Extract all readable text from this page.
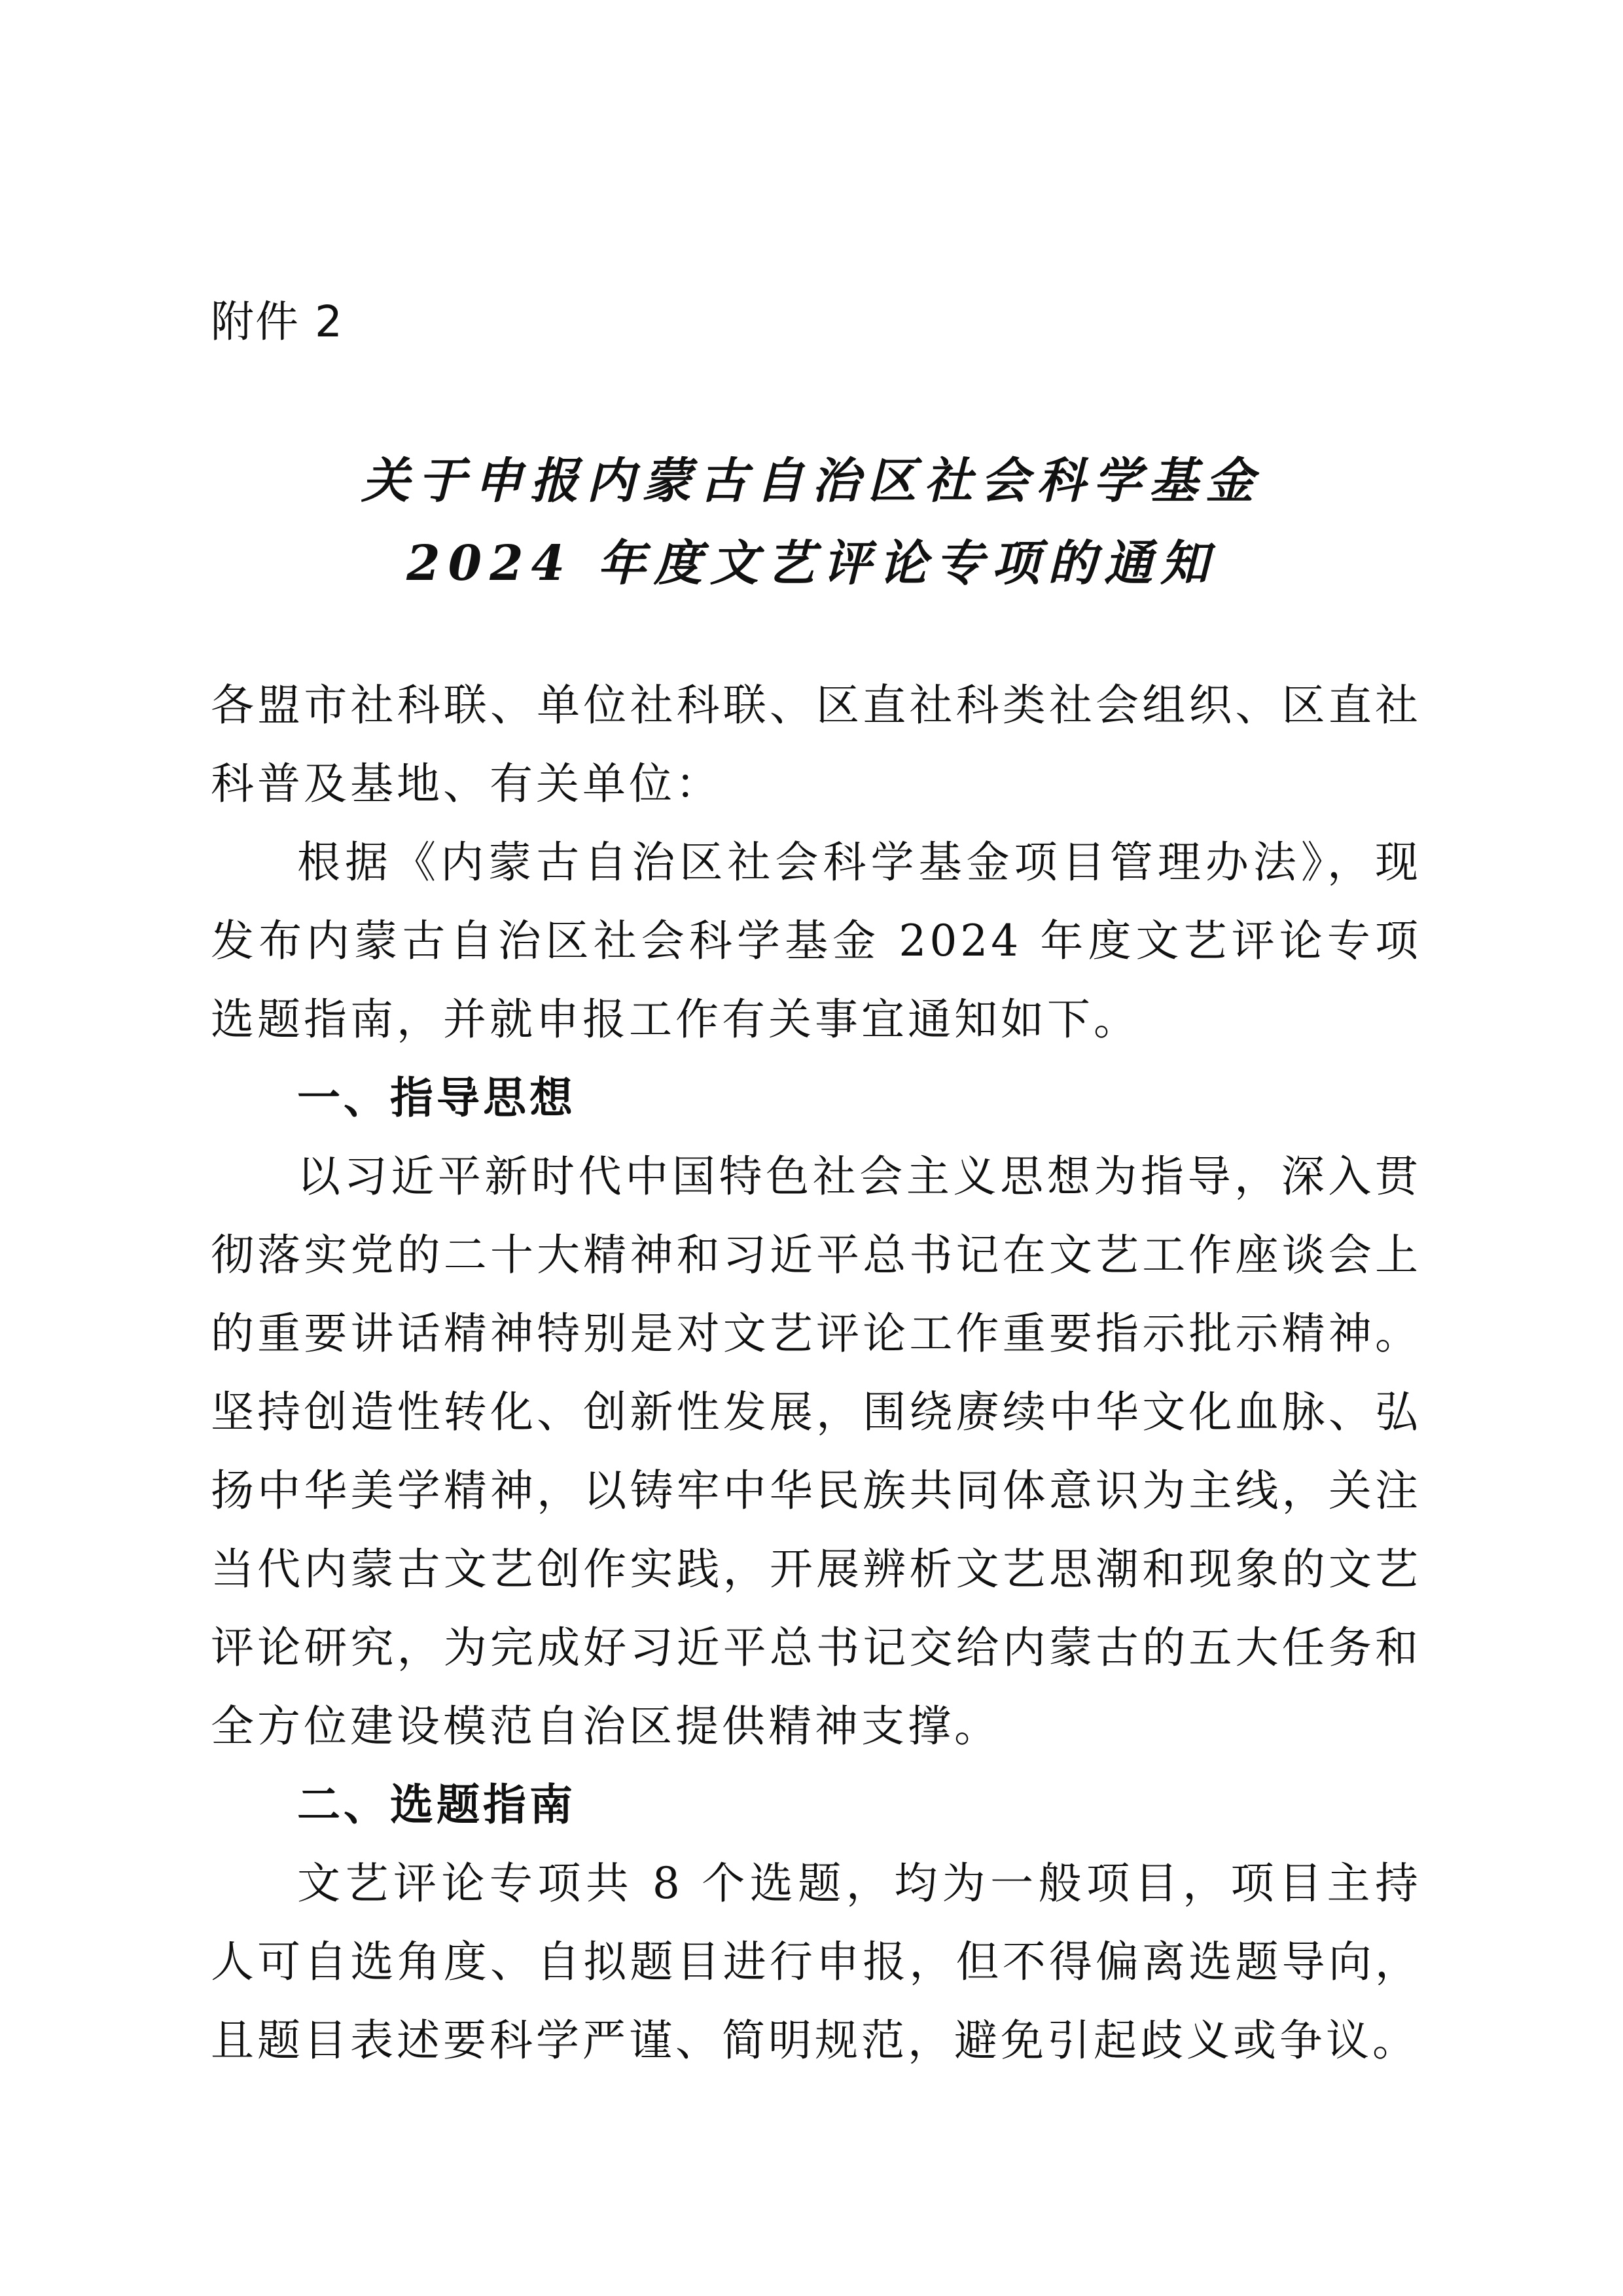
附件 2
关于申报内蒙古自治区社会科学基金
2024 年度文艺评论专项的通知

各盟市社科联、单位社科联、区直社科类社会组织、区直社科普及基地、有关单位：

根据《内蒙古自治区社会科学基金项目管理办法》，现发布内蒙古自治区社会科学基金 2024 年度文艺评论专项选题指南，并就申报工作有关事宜通知如下。

一、指导思想

以习近平新时代中国特色社会主义思想为指导，深入贯彻落实党的二十大精神和习近平总书记在文艺工作座谈会上的重要讲话精神特别是对文艺评论工作重要指示批示精神。坚持创造性转化、创新性发展，围绕赓续中华文化血脉、弘扬中华美学精神，以铸牢中华民族共同体意识为主线，关注当代内蒙古文艺创作实践，开展辨析文艺思潮和现象的文艺评论研究，为完成好习近平总书记交给内蒙古的五大任务和全方位建设模范自治区提供精神支撑。

二、选题指南

文艺评论专项共 8 个选题，均为一般项目，项目主持人可自选角度、自拟题目进行申报，但不得偏离选题导向，且题目表述要科学严谨、简明规范，避免引起歧义或争议。
